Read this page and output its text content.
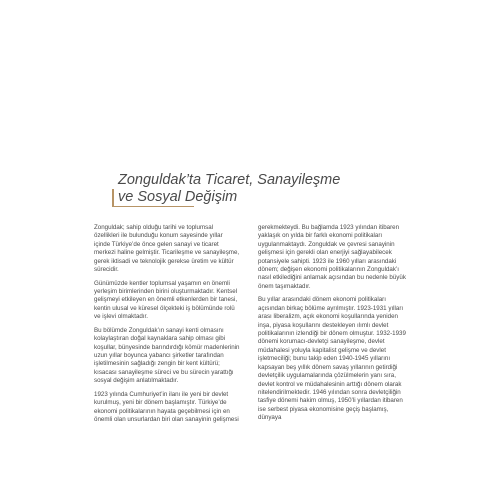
Zonguldak’ta Ticaret, Sanayileşme
ve Sosyal Değişim

Zonguldak; sahip olduğu tarihi ve toplumsal özellikleri ile bulunduğu konum sayesinde yıllar içinde Türkiye’de önce gelen sanayi ve ticaret merkezi haline gelmiştir. Ticarileşme ve sanayileşme, gerek iktisadi ve teknolojik gerekse üretim ve kültür sürecidir.

Günümüzde kentler toplumsal yaşamın en önemli yerleşim birimlerinden birini oluşturmaktadır. Kentsel gelişmeyi etkileyen en önemli etkenlerden bir tanesi, kentin ulusal ve küresel ölçekteki iş bölümünde rolü ve işlevi olmaktadır.

Bu bölümde Zonguldak’ın sanayi kenti olmasını kolaylaştıran doğal kaynaklara sahip olması gibi koşullar, bünyesinde barındırdığı kömür madenlerinin uzun yıllar boyunca yabancı şirketler tarafından işletilmesinin sağladığı zengin bir kent kültürü; kısacası sanayileşme süreci ve bu sürecin yarattığı sosyal değişim anlatılmaktadır.

1923 yılında Cumhuriyet’in ilanı ile yeni bir devlet kurulmuş, yeni bir dönem başlamıştır. Türkiye’de ekonomi politikalarının hayata geçebilmesi için en önemli olan unsurlardan biri olan sanayinin gelişmesi

gerekmekteydi. Bu bağlamda 1923 yılından itibaren yaklaşık on yılda bir farklı ekonomi politikaları uygulanmaktaydı. Zonguldak ve çevresi sanayinin gelişmesi için gerekli olan enerjiyi sağlayabilecek potansiyele sahipti. 1923 ile 1960 yılları arasındaki dönem; değişen ekonomi politikalarının Zonguldak’ı nasıl etkilediğini anlamak açısından bu nedenle büyük önem taşımaktadır.

Bu yıllar arasındaki dönem ekonomi politikaları açısından birkaç bölüme ayrılmıştır. 1923-1931 yılları arası liberalizm, açık ekonomi koşullarında yeniden inşa, piyasa koşullarını destekleyen ılımlı devlet politikalarının izlendiği bir dönem olmuştur. 1932-1939 dönemi korumacı-devletçi sanayileşme, devlet müdahalesi yoluyla kapitalist gelişme ve devlet işletmeciliği; bunu takip eden 1940-1945 yıllarını kapsayan beş yıllık dönem savaş yıllarının getirdiği devletçilik uygulamalarında çözülmelerin yanı sıra, devlet kontrol ve müdahalesinin arttığı dönem olarak nitelendirilmektedir. 1946 yılından sonra devletçiliğin tasfiye dönemi hakim olmuş, 1950’li yıllardan itibaren ise serbest piyasa ekonomisine geçiş başlamış, dünyaya
